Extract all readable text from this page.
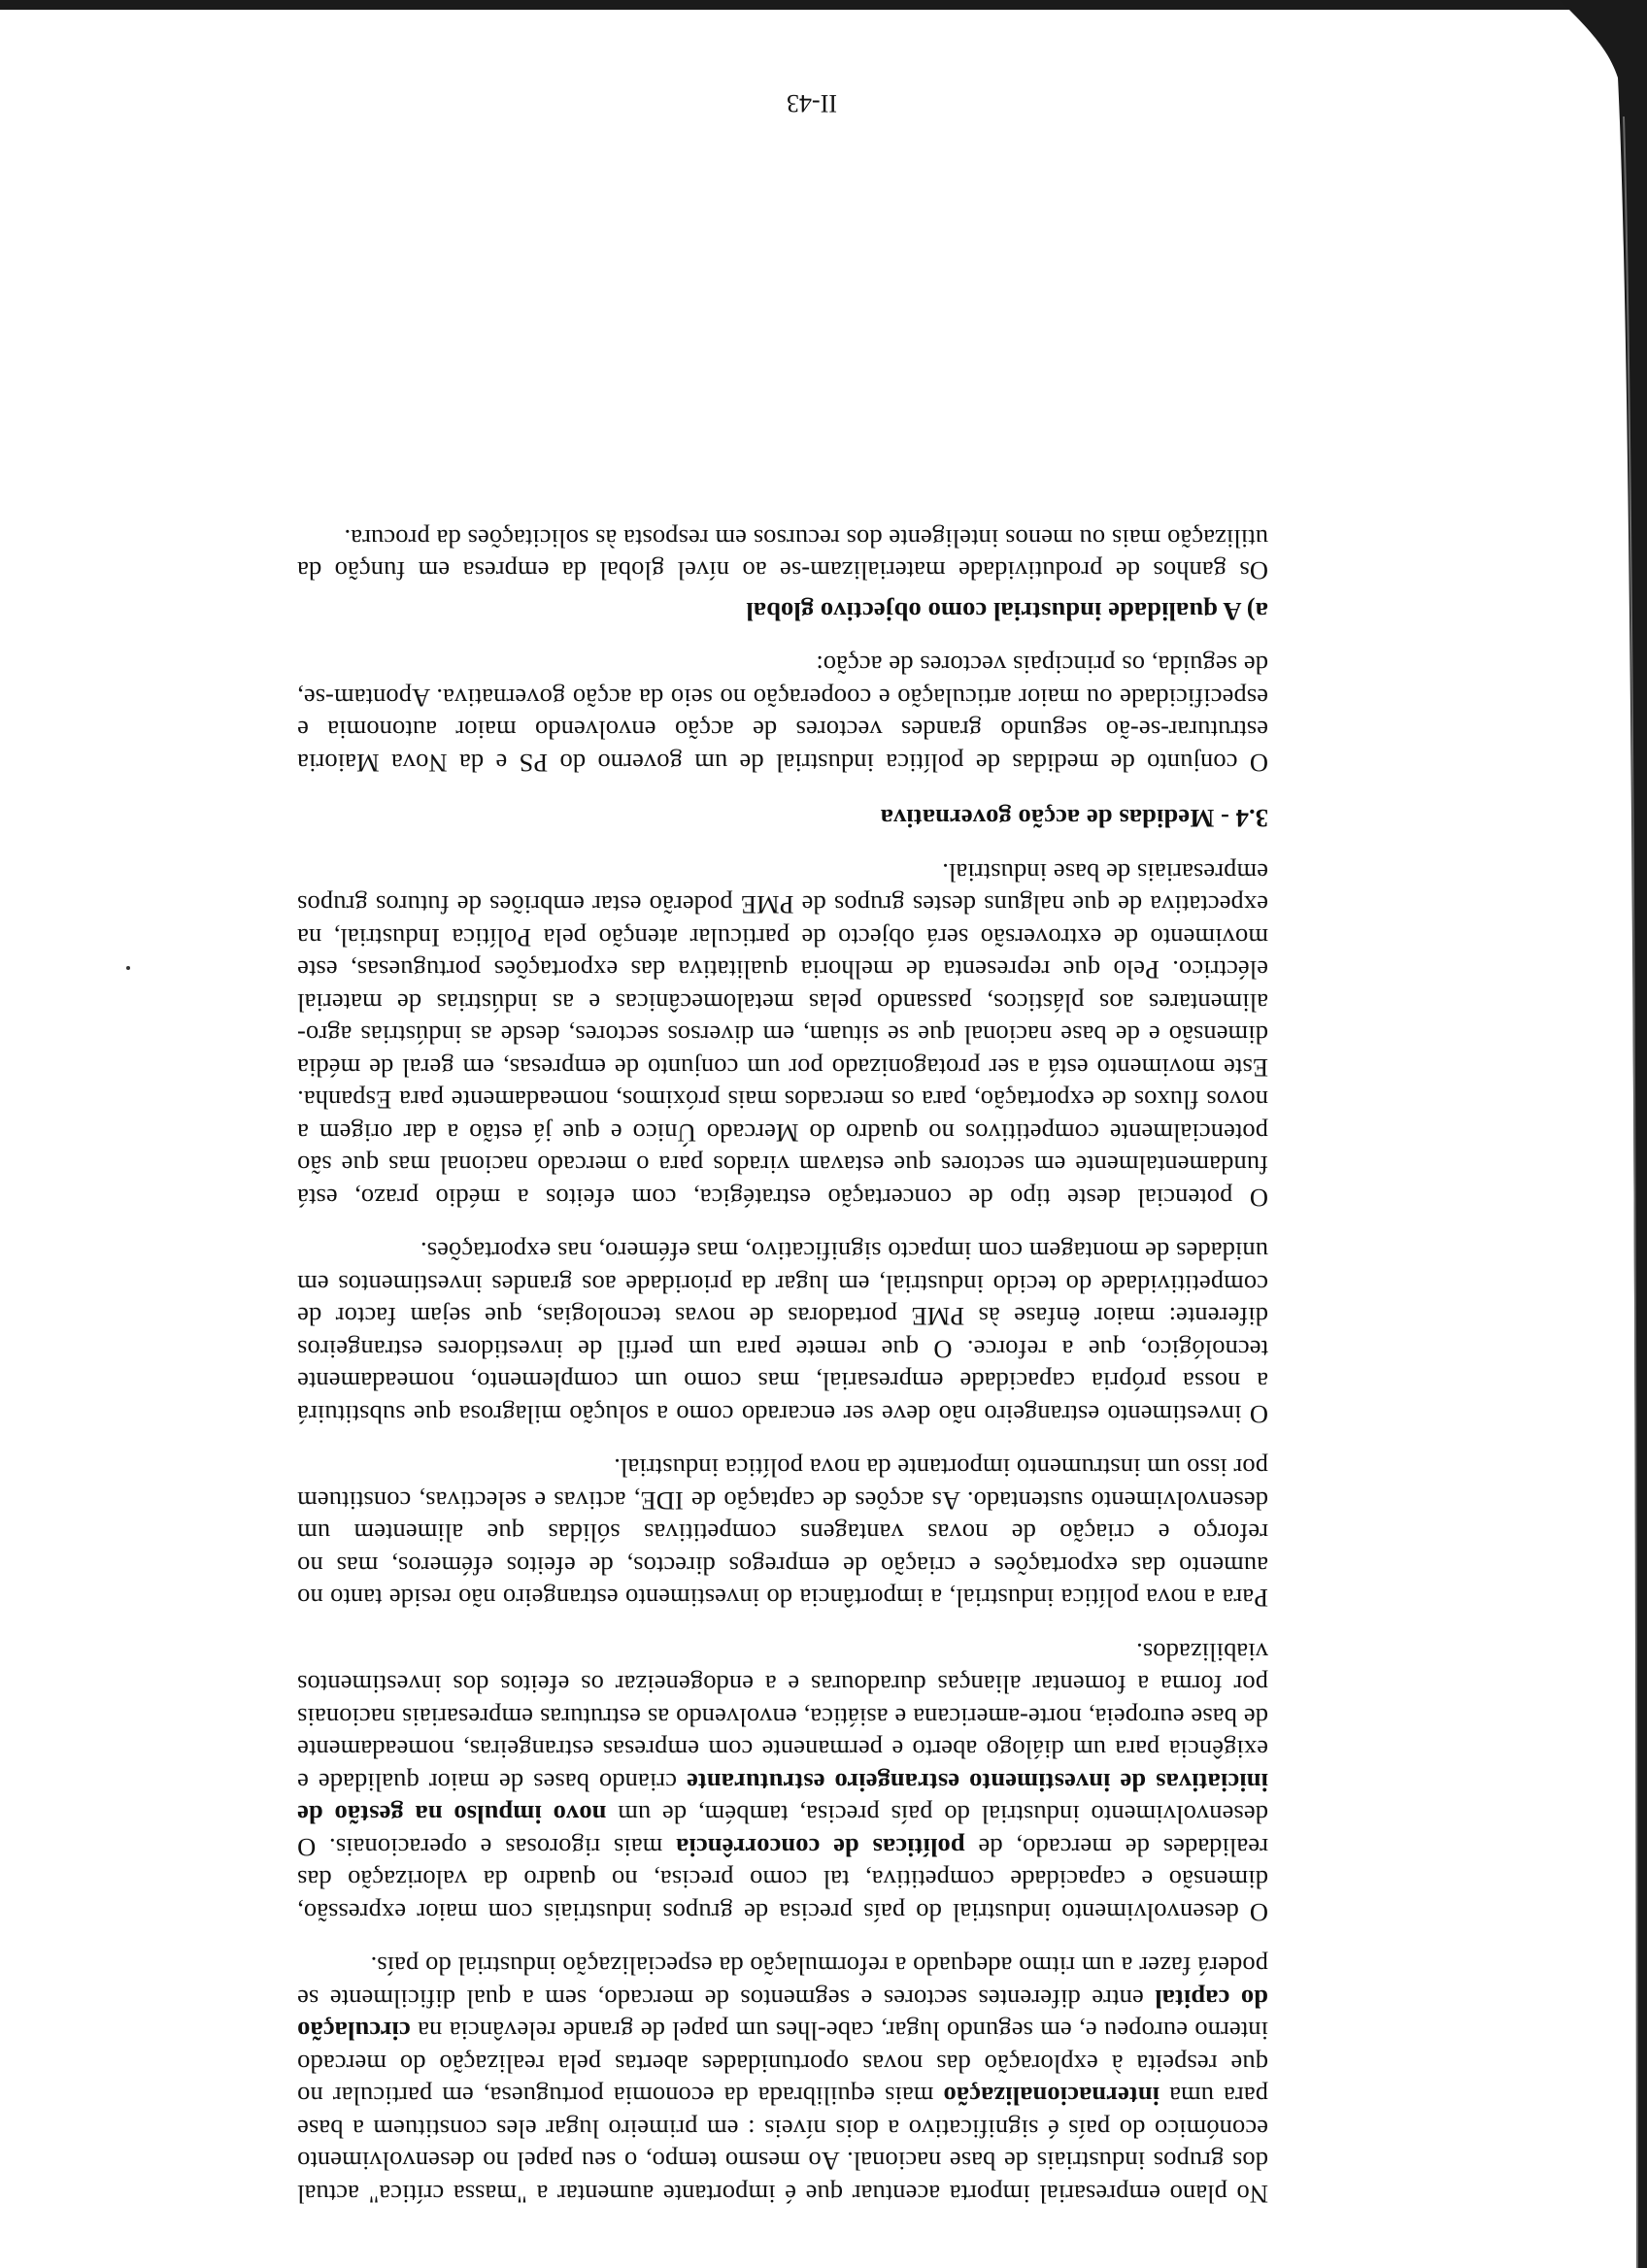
No plano empresarial importa acentuar que é importante aumentar a "massa crítica" actual dos grupos industriais de base nacional. Ao mesmo tempo, o seu papel no desenvolvimento económico do país é significativo a dois níveis : em primeiro lugar eles constituem a base para uma internacionalização mais equilibrada da economia portuguesa, em particular no que respeita à exploração das novas oportunidades abertas pela realização do mercado interno europeu e, em segundo lugar, cabe-lhes um papel de grande relevância na circulação do capital entre diferentes sectores e segmentos de mercado, sem a qual dificilmente se poderá fazer a um ritmo adequado a reformulação da especialização industrial do país.

O desenvolvimento industrial do país precisa de grupos industriais com maior expressão, dimensão e capacidade competitiva, tal como precisa, no quadro da valorização das realidades de mercado, de políticas de concorrência mais rigorosas e operacionais. O desenvolvimento industrial do país precisa, também, de um novo impulso na gestão de iniciativas de investimento estrangeiro estruturante criando bases de maior qualidade e exigência para um diálogo aberto e permanente com empresas estrangeiras, nomeadamente de base europeia, norte-americana e asiática, envolvendo as estruturas empresariais nacionais por forma a fomentar alianças duradouras e a endogeneizar os efeitos dos investimentos viabilizados.

Para a nova política industrial, a importância do investimento estrangeiro não reside tanto no aumento das exportações e criação de empregos directos, de efeitos efémeros, mas no reforço e criação de novas vantagens competitivas sólidas que alimentem um desenvolvimento sustentado. As acções de captação de IDE, activas e selectivas, constituem por isso um instrumento importante da nova política industrial.

O investimento estrangeiro não deve ser encarado como a solução milagrosa que substituirá a nossa própria capacidade empresarial, mas como um complemento, nomeadamente tecnológico, que a reforce. O que remete para um perfil de investidores estrangeiros diferente: maior ênfase às PME portadoras de novas tecnologias, que sejam factor de competitividade do tecido industrial, em lugar da prioridade aos grandes investimentos em unidades de montagem com impacto significativo, mas efémero, nas exportações.

O potencial deste tipo de concertação estratégica, com efeitos a médio prazo, está fundamentalmente em sectores que estavam virados para o mercado nacional mas que são potencialmente competitivos no quadro do Mercado Único e que já estão a dar origem a novos fluxos de exportação, para os mercados mais próximos, nomeadamente para Espanha. Este movimento está a ser protagonizado por um conjunto de empresas, em geral de média dimensão e de base nacional que se situam, em diversos sectores, desde as indústrias agro-alimentares aos plásticos, passando pelas metalomecânicas e as indústrias de material eléctrico. Pelo que representa de melhoria qualitativa das exportações portuguesas, este movimento de extroversão será objecto de particular atenção pela Política Industrial, na expectativa de que nalguns destes grupos de PME poderão estar embriões de futuros grupos empresariais de base industrial.

3.4 - Medidas de acção governativa

O conjunto de medidas de política industrial de um governo do PS e da Nova Maioria estruturar-se-ão segundo grandes vectores de acção envolvendo maior autonomia e especificidade ou maior articulação e cooperação no seio da acção governativa. Apontam-se, de seguida, os principais vectores de acção:

a) A qualidade industrial como objectivo global

Os ganhos de produtividade materializam-se ao nível global da empresa em função da utilização mais ou menos inteligente dos recursos em resposta às solicitações da procura.

II-43
